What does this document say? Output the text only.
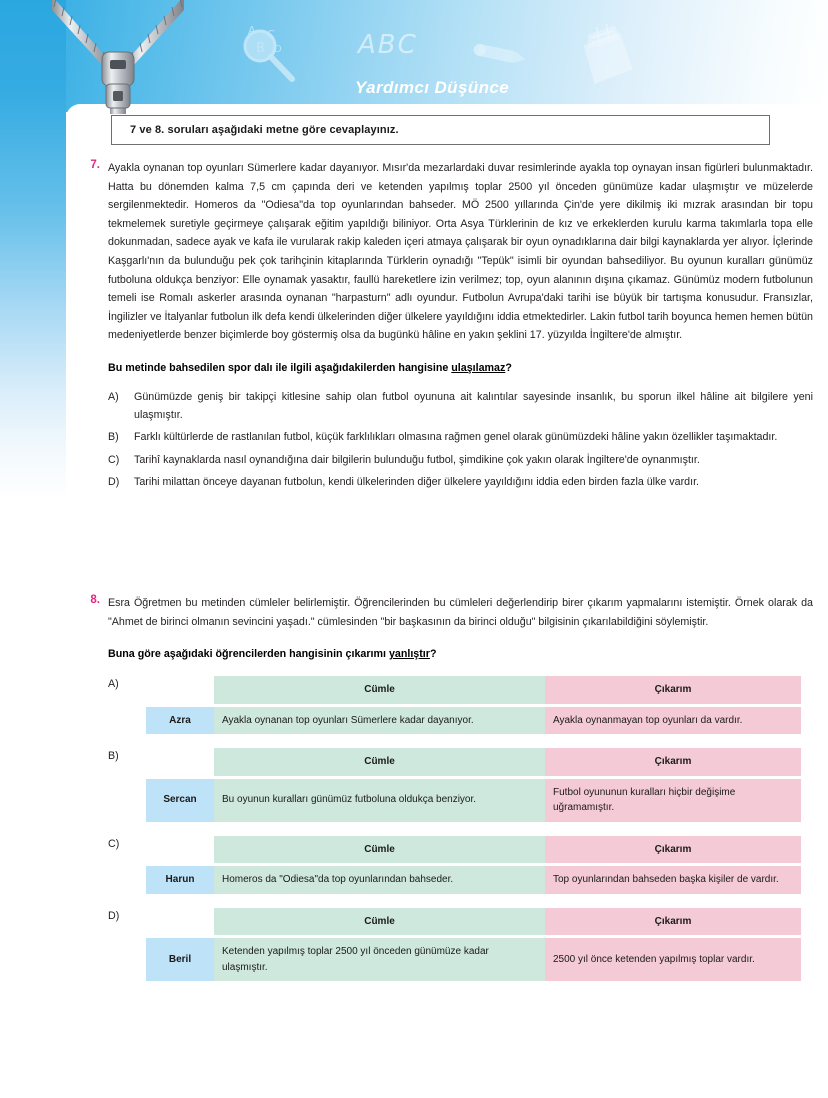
A C
B D	ABC
Yardımcı Düşünce
7 ve 8. soruları aşağıdaki metne göre cevaplayınız.
7. Ayakla oynanan top oyunları Sümerlere kadar dayanıyor. Mısır'da mezarlardaki duvar resimlerinde ayakla top oynayan insan figürleri bulunmaktadır. Hatta bu dönemden kalma 7,5 cm çapında deri ve ketenden yapılmış toplar 2500 yıl önceden günümüze kadar ulaşmıştır ve müzelerde sergilenmektedir. Homeros da "Odiesa"da top oyunlarından bahseder. MÖ 2500 yıllarında Çin'de yere dikilmiş iki mızrak arasından bir topu tekmelemek suretiyle geçirmeye çalışarak eğitim yapıldığı biliniyor. Orta Asya Türklerinin de kız ve erkeklerden kurulu karma takımlarla topa elle dokunmadan, sadece ayak ve kafa ile vurularak rakip kaleden içeri atmaya çalışarak bir oyun oynadıklarına dair bilgi kaynaklarda yer alıyor. İçlerinde Kaşgarlı'nın da bulunduğu pek çok tarihçinin kitaplarında Türklerin oynadığı "Tepük" isimli bir oyundan bahsediliyor. Bu oyunun kuralları günümüz futboluna oldukça benziyor: Elle oynamak yasaktır, faullü hareketlere izin verilmez; top, oyun alanının dışına çıkamaz. Günümüz modern futbolunun temeli ise Romalı askerler arasında oynanan "harpasturn" adlı oyundur. Futbolun Avrupa'daki tarihi ise büyük bir tartışma konusudur. Fransızlar, İngilizler ve İtalyanlar futbolun ilk defa kendi ülkelerinden diğer ülkelere yayıldığını iddia etmektedirler. Lakin futbol tarih boyunca hemen hemen bütün medeniyetlerde benzer biçimlerde boy göstermiş olsa da bugünkü hâline en yakın şeklini 17. yüzyılda İngiltere'de almıştır.

Bu metinde bahsedilen spor dalı ile ilgili aşağıdakilerden hangisine ulaşılamaz?

A)	Günümüzde geniş bir takipçi kitlesine sahip olan futbol oyununa ait kalıntılar sayesinde insanlık, bu sporun ilkel hâline ait bilgilere yeni ulaşmıştır.
B)	Farklı kültürlerde de rastlanılan futbol, küçük farklılıkları olmasına rağmen genel olarak günümüzdeki hâline yakın özellikler taşımaktadır.
C)	Tarihî kaynaklarda nasıl oynandığına dair bilgilerin bulunduğu futbol, şimdikine çok yakın olarak İngiltere'de oynanmıştır.
D)	Tarihi milattan önceye dayanan futbolun, kendi ülkelerinden diğer ülkelere yayıldığını iddia eden birden fazla ülke vardır.
8. Esra Öğretmen bu metinden cümleler belirlemiştir. Öğrencilerinden bu cümleleri değerlendirip birer çıkarım yapmalarını istemiştir. Örnek olarak da "Ahmet de birinci olmanın sevincini yaşadı." cümlesinden "bir başkasının da birinci olduğu" bilgisinin çıkarılabildiğini söylemiştir.

Buna göre aşağıdaki öğrencilerden hangisinin çıkarımı yanlıştır?

A)
		Cümle	Çıkarım

Azra	Ayakla oynanan top oyunları Sümerlere kadar dayanıyor.	Ayakla oynanmayan top oyunları da vardır.
B)
		Cümle	Çıkarım

Sercan	Bu oyunun kuralları günümüz futboluna oldukça benziyor.	Futbol oyununun kuralları hiçbir değişime uğramamıştır.
C)
		Cümle	Çıkarım

Harun	Homeros da "Odiesa"da top oyunlarından bahseder.	Top oyunlarından bahseden başka kişiler de vardır.
D)
		Cümle	Çıkarım

Beril	Ketenden yapılmış toplar 2500 yıl önceden günümüze kadar ulaşmıştır.	2500 yıl önce ketenden yapılmış toplar vardır.
